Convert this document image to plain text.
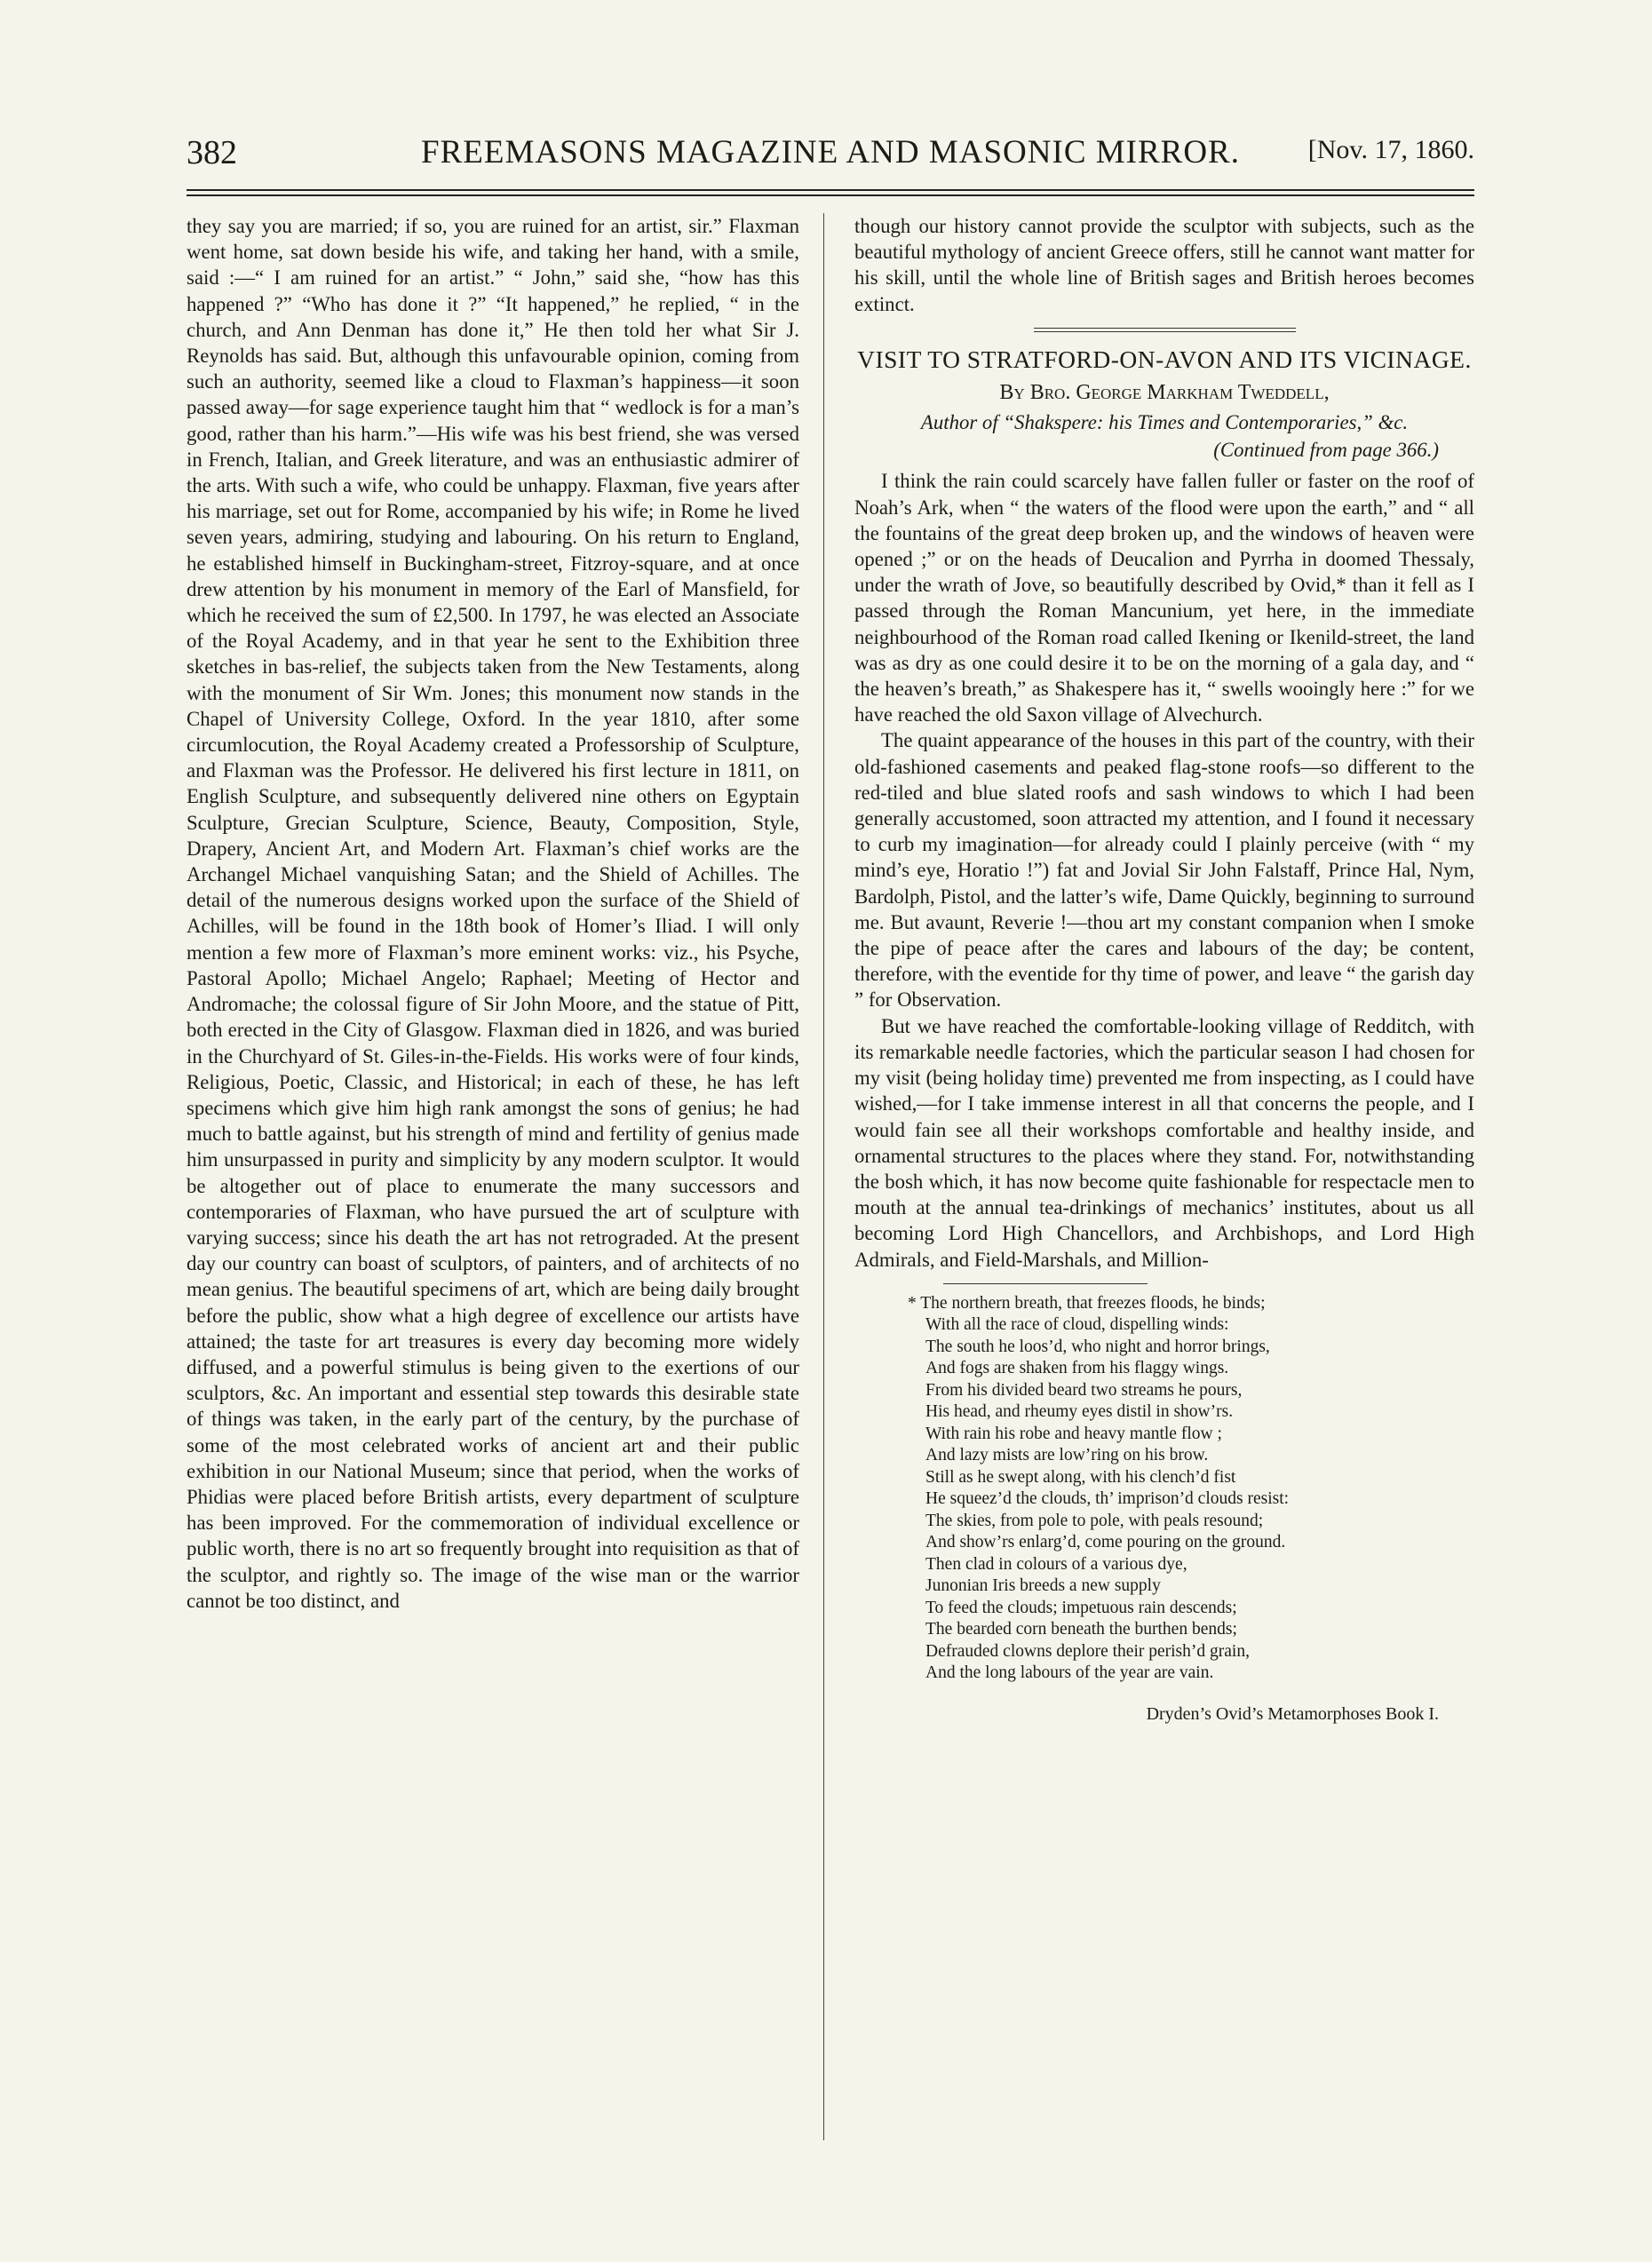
382	FREEMASONS MAGAZINE AND MASONIC MIRROR.	[Nov. 17, 1860.

they say you are married; if so, you are ruined for an artist, sir.” Flaxman went home, sat down beside his wife, and taking her hand, with a smile, said :—“ I am ruined for an artist.” “ John,” said she, “how has this happened ?” “Who has done it ?” “It happened,” he replied, “ in the church, and Ann Denman has done it,” He then told her what Sir J. Reynolds has said. But, although this unfavourable opinion, coming from such an authority, seemed like a cloud to Flaxman’s happiness—it soon passed away—for sage experience taught him that “ wedlock is for a man’s good, rather than his harm.”—His wife was his best friend, she was versed in French, Italian, and Greek literature, and was an enthusiastic admirer of the arts. With such a wife, who could be unhappy. Flaxman, five years after his marriage, set out for Rome, accompanied by his wife; in Rome he lived seven years, admiring, studying and labouring. On his return to England, he established himself in Buckingham-street, Fitzroy-square, and at once drew attention by his monument in memory of the Earl of Mansfield, for which he received the sum of £2,500. In 1797, he was elected an Associate of the Royal Academy, and in that year he sent to the Exhibition three sketches in bas-relief, the subjects taken from the New Testaments, along with the monument of Sir Wm. Jones; this monument now stands in the Chapel of University College, Oxford. In the year 1810, after some circumlocution, the Royal Academy created a Professorship of Sculpture, and Flaxman was the Professor. He delivered his first lecture in 1811, on English Sculpture, and subsequently delivered nine others on Egyptain Sculpture, Grecian Sculpture, Science, Beauty, Composition, Style, Drapery, Ancient Art, and Modern Art. Flaxman’s chief works are the Archangel Michael vanquishing Satan; and the Shield of Achilles. The detail of the numerous designs worked upon the surface of the Shield of Achilles, will be found in the 18th book of Homer’s Iliad. I will only mention a few more of Flaxman’s more eminent works: viz., his Psyche, Pastoral Apollo; Michael Angelo; Raphael; Meeting of Hector and Andromache; the colossal figure of Sir John Moore, and the statue of Pitt, both erected in the City of Glasgow. Flaxman died in 1826, and was buried in the Churchyard of St. Giles-in-the-Fields. His works were of four kinds, Religious, Poetic, Classic, and Historical; in each of these, he has left specimens which give him high rank amongst the sons of genius; he had much to battle against, but his strength of mind and fertility of genius made him unsurpassed in purity and simplicity by any modern sculptor. It would be altogether out of place to enumerate the many successors and contemporaries of Flaxman, who have pursued the art of sculpture with varying success; since his death the art has not retrograded. At the present day our country can boast of sculptors, of painters, and of architects of no mean genius. The beautiful specimens of art, which are being daily brought before the public, show what a high degree of excellence our artists have attained; the taste for art treasures is every day becoming more widely diffused, and a powerful stimulus is being given to the exertions of our sculptors, &c. An important and essential step towards this desirable state of things was taken, in the early part of the century, by the purchase of some of the most celebrated works of ancient art and their public exhibition in our National Museum; since that period, when the works of Phidias were placed before British artists, every department of sculpture has been improved. For the commemoration of individual excellence or public worth, there is no art so frequently brought into requisition as that of the sculptor, and rightly so. The image of the wise man or the warrior cannot be too distinct, and

though our history cannot provide the sculptor with subjects, such as the beautiful mythology of ancient Greece offers, still he cannot want matter for his skill, until the whole line of British sages and British heroes becomes extinct.

VISIT TO STRATFORD-ON-AVON AND ITS VICINAGE.
By Bro. George Markham Tweddell,
Author of “Shakspere: his Times and Contemporaries,” &c.
(Continued from page 366.)

I think the rain could scarcely have fallen fuller or faster on the roof of Noah’s Ark, when “ the waters of the flood were upon the earth,” and “ all the fountains of the great deep broken up, and the windows of heaven were opened ;” or on the heads of Deucalion and Pyrrha in doomed Thessaly, under the wrath of Jove, so beautifully described by Ovid,* than it fell as I passed through the Roman Mancunium, yet here, in the immediate neighbourhood of the Roman road called Ikening or Ikenild-street, the land was as dry as one could desire it to be on the morning of a gala day, and “ the heaven’s breath,” as Shakespere has it, “ swells wooingly here :” for we have reached the old Saxon village of Alvechurch.

The quaint appearance of the houses in this part of the country, with their old-fashioned casements and peaked flag-stone roofs—so different to the red-tiled and blue slated roofs and sash windows to which I had been generally accustomed, soon attracted my attention, and I found it necessary to curb my imagination—for already could I plainly perceive (with “ my mind’s eye, Horatio !”) fat and Jovial Sir John Falstaff, Prince Hal, Nym, Bardolph, Pistol, and the latter’s wife, Dame Quickly, beginning to surround me. But avaunt, Reverie !—thou art my constant companion when I smoke the pipe of peace after the cares and labours of the day; be content, therefore, with the eventide for thy time of power, and leave “ the garish day ” for Observation.

But we have reached the comfortable-looking village of Redditch, with its remarkable needle factories, which the particular season I had chosen for my visit (being holiday time) prevented me from inspecting, as I could have wished,—for I take immense interest in all that concerns the people, and I would fain see all their workshops comfortable and healthy inside, and ornamental structures to the places where they stand. For, notwithstanding the bosh which, it has now become quite fashionable for respectacle men to mouth at the annual tea-drinkings of mechanics’ institutes, about us all becoming Lord High Chancellors, and Archbishops, and Lord High Admirals, and Field-Marshals, and Million-

* The northern breath, that freezes floods, he binds;

With all the race of cloud, dispelling winds:

The south he loos’d, who night and horror brings,

And fogs are shaken from his flaggy wings.

From his divided beard two streams he pours,

His head, and rheumy eyes distil in show’rs.

With rain his robe and heavy mantle flow ;

And lazy mists are low’ring on his brow.

Still as he swept along, with his clench’d fist

He squeez’d the clouds, th’ imprison’d clouds resist:

The skies, from pole to pole, with peals resound;

And show’rs enlarg’d, come pouring on the ground.

Then clad in colours of a various dye,

Junonian Iris breeds a new supply

To feed the clouds; impetuous rain descends;

The bearded corn beneath the burthen bends;

Defrauded clowns deplore their perish’d grain,

And the long labours of the year are vain.

Dryden’s Ovid’s Metamorphoses Book I.
